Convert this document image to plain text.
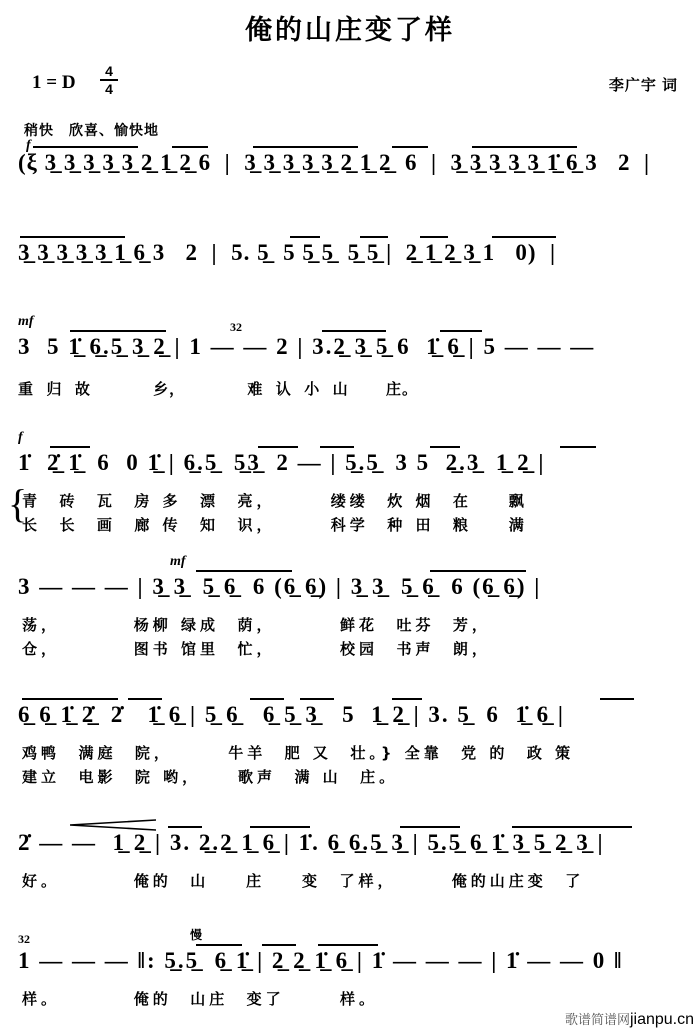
俺的山庄变了样
1 = D $\frac{4}{4}$	李广宇 词
稍快　欣喜、愉快地
f
(ξ 3̲ 3̲ 3̲ 3̲ 3̲ 2̲ 1̲ 2̲ 6  |  3̲ 3̲ 3̲ 3̲ 3̲ 2̲ 1̲ 2̲  6  |  3̲ 3̲ 3̲ 3̲ 3̲ 1̲̇ 6̲ 3   2  |
3̲ 3̲ 3̲ 3̲ 3̲ 1̲ 6̲ 3   2  |  5. 5̲  5 5̲ 5̲  5̲ 5̲ |  2̲ 1̲ 2̲ 3̲ 1   0)  |
mf
3  5 1̲̇ 6̲.5̲ 3̲ 2̲ | 1 — — 2 | 3.2̲ 3̲ 5̲ 6  1̲̇ 6̲ | 5 — — —
32
重  归  故          乡，          难  认  小  山      庄。
f
1̇  2̲̇ 1̲̇  6  0 1̲̇ | 6̲.5̲  5̲3̲  2 — | 5̲.5̲  3 5  2̲.3̲  1̲ 2̲ |
{
青  砖  瓦  房 多  漂  亮，      缕缕  炊 烟  在    飘
长  长  画  廊 传  知  识，      科学  种 田  粮    满
mf
3 — — — | 3̲ 3̲  5̲ 6̲  6 (6̲ 6̲) | 3̲ 3̲  5̲ 6̲  6 (6̲ 6̲) |
荡，        杨柳 绿成  荫，       鲜花  吐芬  芳，
仓，        图书 馆里  忙，       校园  书声  朗，
6̲ 6̲ 1̲̇ 2̲̇  2̇   1̲̇ 6̲ | 5̲ 6̲   6̲ 5̲ 3̲   5  1̲ 2̲ | 3. 5̲  6  1̲̇ 6̲ |
鸡鸭  满庭  院，      牛羊  肥 又  壮。} 全靠  党 的  政 策
建立  电影  院 哟，    歌声  满 山  庄。
2̇ — —  1̲ 2̲ | 3. 2̲.2̲ 1̲ 6̲ | 1̇. 6̲ 6̲.5̲ 3̲ | 5̲.5̲ 6̲ 1̲̇ 3̲ 5̲ 2̲ 3̲ |
好。        俺的  山    庄    变  了样，      俺的山庄变  了
32	慢
1 — — — ‖: 5̲.5̲  6̲ 1̲̇ | 2̲ 2̲ 1̲̇ 6̲ | 1̇ — — — | 1̇ — — 0 ‖
样。        俺的  山庄  变了      样。
歌谱简谱网jianpu.cn
